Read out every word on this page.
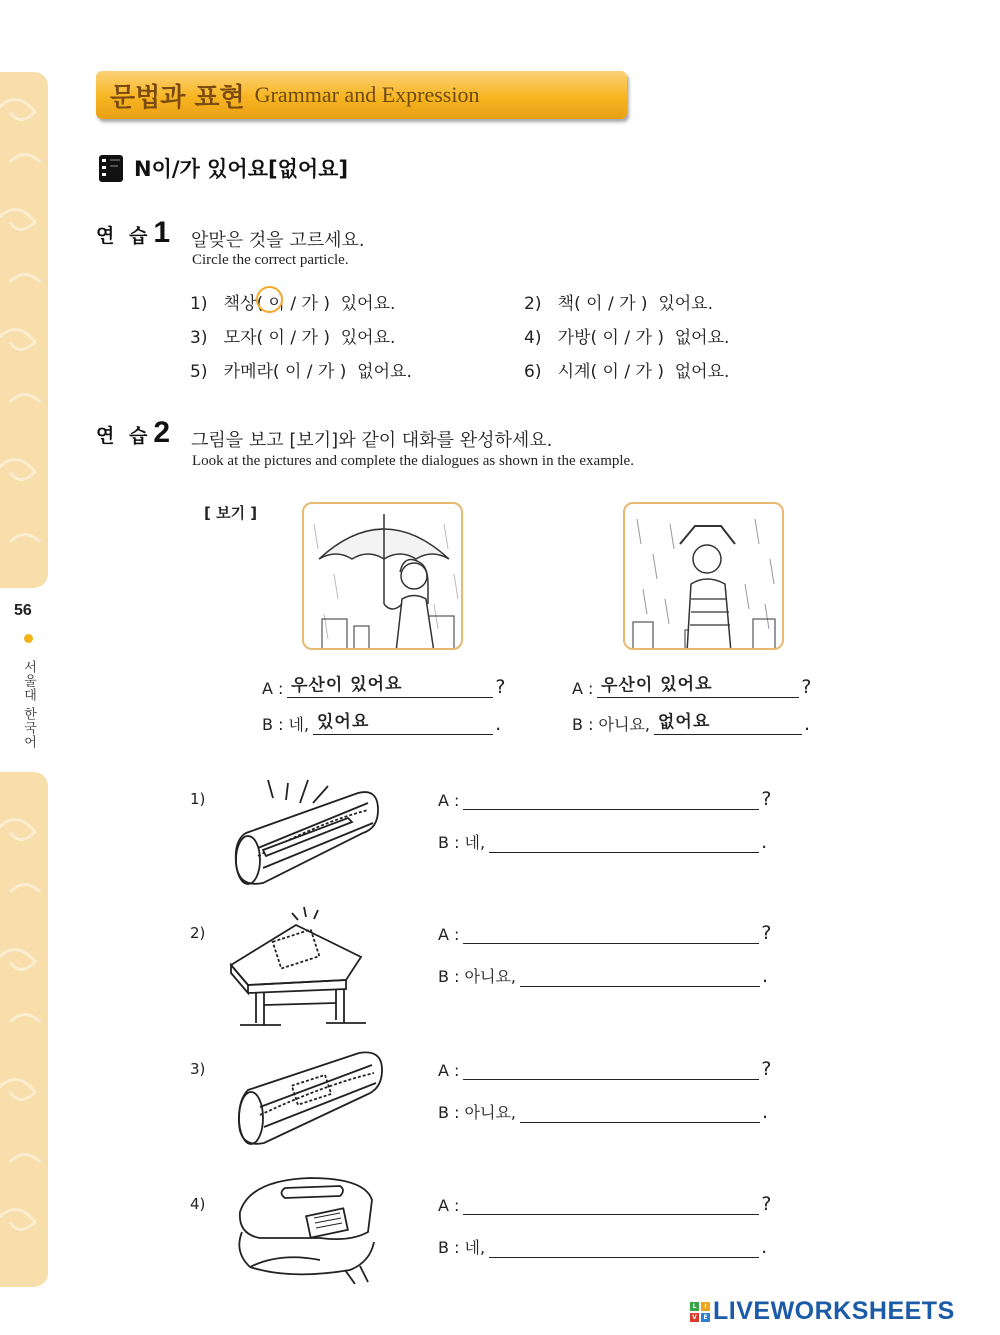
56
서울대 한국어
문법과 표현 Grammar and Expression
N이/가 있어요[없어요]
연 습 1 알맞은 것을 고르세요.
Circle the correct particle.
1)   책상( 이 / 가 )  있어요.	2)   책( 이 / 가 )  있어요.
3)   모자( 이 / 가 )  있어요.	4)   가방( 이 / 가 )  없어요.
5)   카메라( 이 / 가 )  없어요.	6)   시계( 이 / 가 )  없어요.
연 습 2 그림을 보고 [보기]와 같이 대화를 완성하세요.
Look at the pictures and complete the dialogues as shown in the example.
[ 보기 ]
A : 우산이 있어요	?
B : 네, 있어요	.
A : 우산이 있어요	?
B : 아니요, 없어요	.
1)	A :	?
B : 네,	.
2)	A :	?
B : 아니요,	.
3)	A :	?
B : 아니요,	.
4)	A :	?
B : 네,	.
L	I
V	E LIVEWORKSHEETS
